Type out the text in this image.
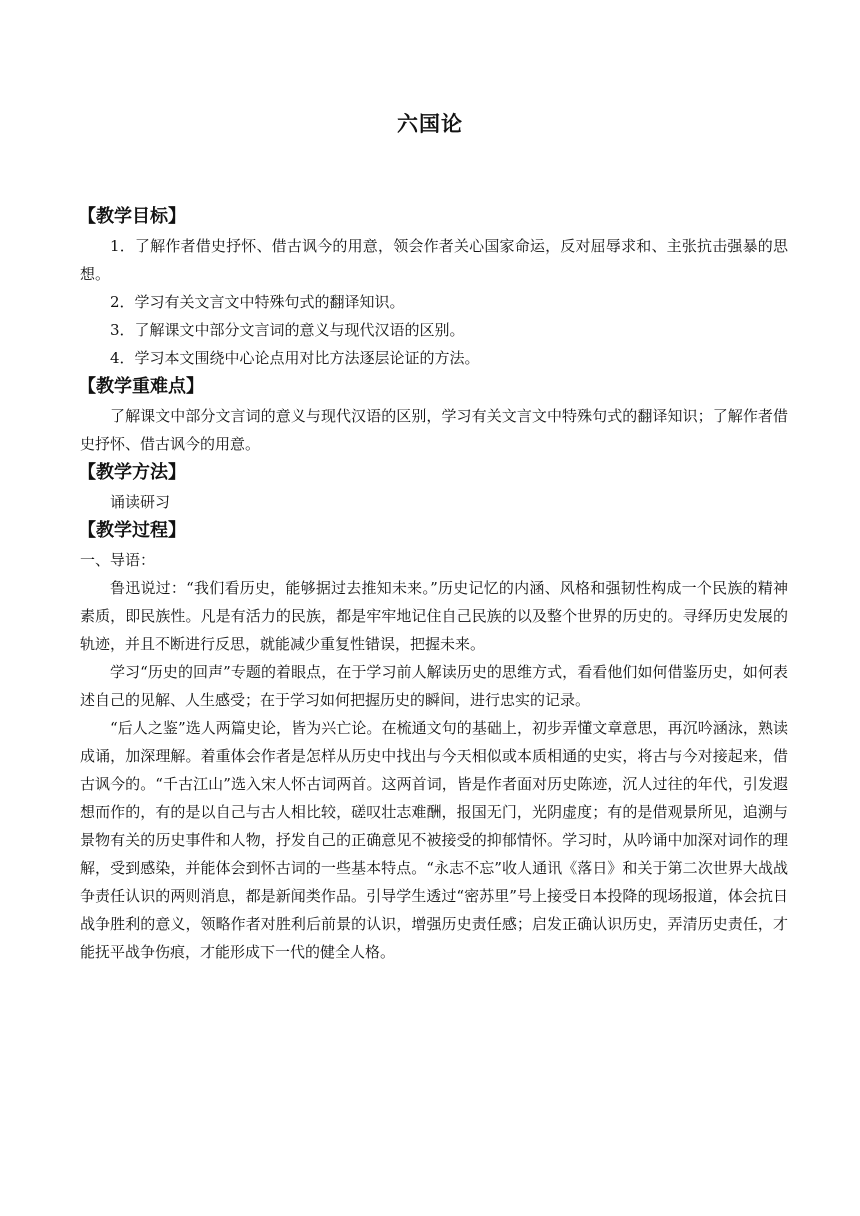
六国论

【教学目标】

1．了解作者借史抒怀、借古讽今的用意，领会作者关心国家命运，反对屈辱求和、主张抗击强暴的思想。

2．学习有关文言文中特殊句式的翻译知识。

3．了解课文中部分文言词的意义与现代汉语的区别。

4．学习本文围绕中心论点用对比方法逐层论证的方法。

【教学重难点】

了解课文中部分文言词的意义与现代汉语的区别，学习有关文言文中特殊句式的翻译知识；了解作者借史抒怀、借古讽今的用意。

【教学方法】

诵读研习

【教学过程】

一、导语：

鲁迅说过：“我们看历史，能够据过去推知未来。”历史记忆的内涵、风格和强韧性构成一个民族的精神素质，即民族性。凡是有活力的民族，都是牢牢地记住自己民族的以及整个世界的历史的。寻绎历史发展的轨迹，并且不断进行反思，就能减少重复性错误，把握未来。

学习“历史的回声”专题的着眼点，在于学习前人解读历史的思维方式，看看他们如何借鉴历史，如何表述自己的见解、人生感受；在于学习如何把握历史的瞬间，进行忠实的记录。

“后人之鉴”选人两篇史论，皆为兴亡论。在梳通文句的基础上，初步弄懂文章意思，再沉吟涵泳，熟读成诵，加深理解。着重体会作者是怎样从历史中找出与今天相似或本质相通的史实，将古与今对接起来，借古讽今的。“千古江山”选入宋人怀古词两首。这两首词，皆是作者面对历史陈迹，沉人过往的年代，引发遐想而作的，有的是以自己与古人相比较，磋叹壮志难酬，报国无门，光阴虚度；有的是借观景所见，追溯与景物有关的历史事件和人物，抒发自己的正确意见不被接受的抑郁情怀。学习时，从吟诵中加深对词作的理解，受到感染，并能体会到怀古词的一些基本特点。“永志不忘”收人通讯《落日》和关于第二次世界大战战争责任认识的两则消息，都是新闻类作品。引导学生透过“密苏里”号上接受日本投降的现场报道，体会抗日战争胜利的意义，领略作者对胜利后前景的认识，增强历史责任感；启发正确认识历史，弄清历史责任，才能抚平战争伤痕，才能形成下一代的健全人格。
